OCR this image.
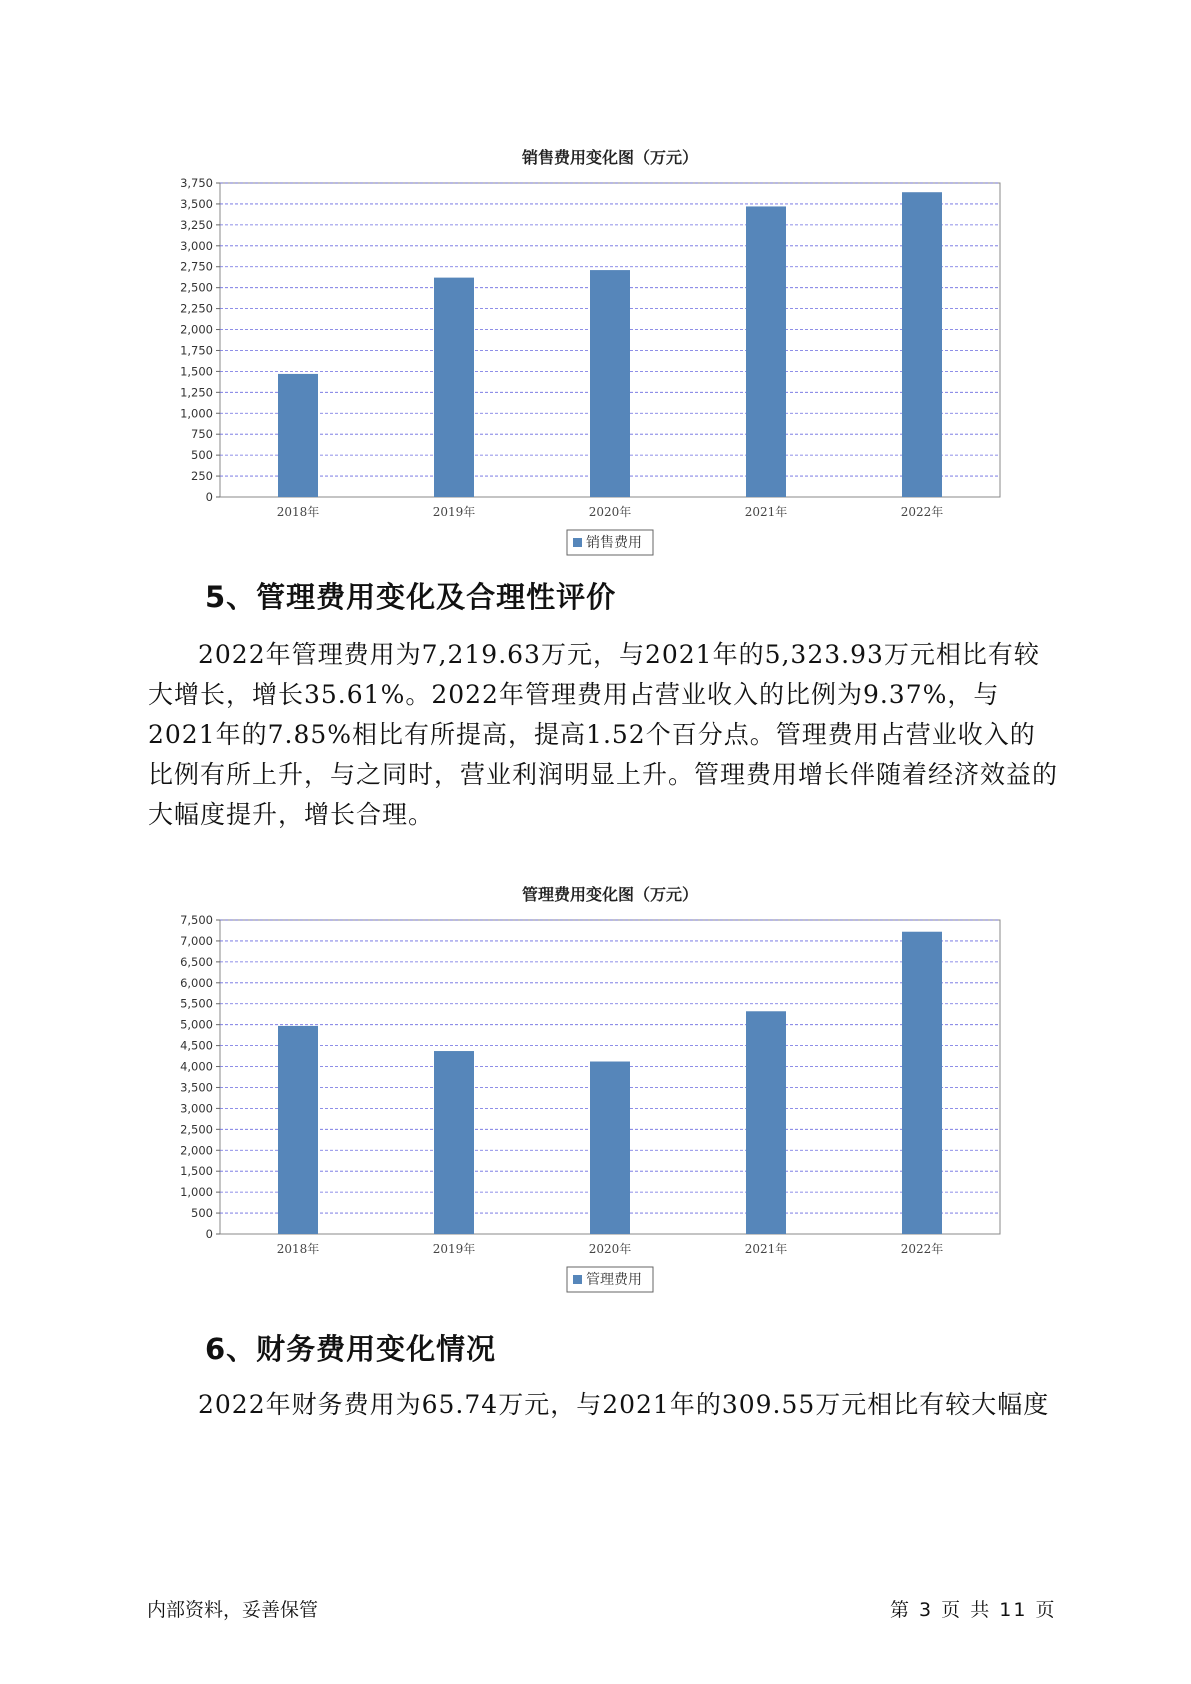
销售费用变化图（万元）
0
250
500
750
1,000
1,250
1,500
1,750
2,000
2,250
2,500
2,750
3,000
3,250
3,500
3,750
2018年	2019年	2020年	2021年	2022年
销售费用
5、管理费用变化及合理性评价

2022年管理费用为7,219.63万元，与2021年的5,323.93万元相比有较大增长，增长35.61%。2022年管理费用占营业收入的比例为9.37%，与2021年的7.85%相比有所提高，提高1.52个百分点。管理费用占营业收入的比例有所上升，与之同时，营业利润明显上升。管理费用增长伴随着经济效益的大幅度提升，增长合理。

管理费用变化图（万元）
0
500
1,000
1,500
2,000
2,500
3,000
3,500
4,000
4,500
5,000
5,500
6,000
6,500
7,000
7,500
2018年	2019年	2020年	2021年	2022年
管理费用
6、财务费用变化情况

2022年财务费用为65.74万元，与2021年的309.55万元相比有较大幅度

内部资料，妥善保管	第 3 页 共 11 页
